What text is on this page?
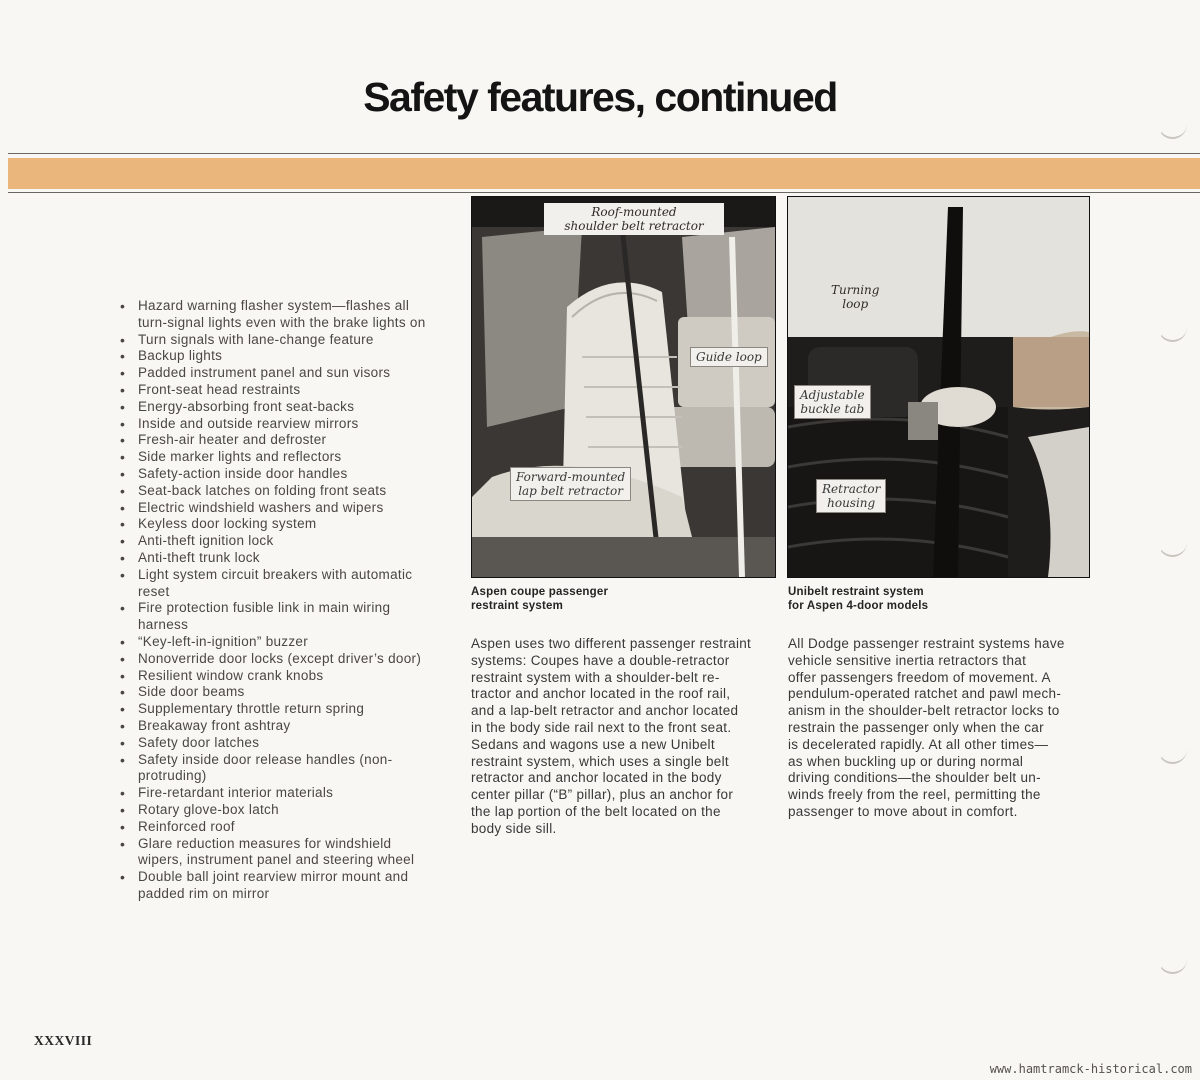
Safety features, continued
• Hazard warning flasher system—flashes all turn-signal lights even with the brake lights on
• Turn signals with lane-change feature
• Backup lights
• Padded instrument panel and sun visors
• Front-seat head restraints
• Energy-absorbing front seat-backs
• Inside and outside rearview mirrors
• Fresh-air heater and defroster
• Side marker lights and reflectors
• Safety-action inside door handles
• Seat-back latches on folding front seats
• Electric windshield washers and wipers
• Keyless door locking system
• Anti-theft ignition lock
• Anti-theft trunk lock
• Light system circuit breakers with automatic reset
• Fire protection fusible link in main wiring harness
• “Key-left-in-ignition” buzzer
• Nonoverride door locks (except driver’s door)
• Resilient window crank knobs
• Side door beams
• Supplementary throttle return spring
• Breakaway front ashtray
• Safety door latches
• Safety inside door release handles (non-protruding)
• Fire-retardant interior materials
• Rotary glove-box latch
• Reinforced roof
• Glare reduction measures for windshield wipers, instrument panel and steering wheel
• Double ball joint rearview mirror mount and padded rim on mirror
Roof-mounted
shoulder belt retractor
Guide loop
Forward-mounted
lap belt retractor
Turning
loop
Adjustable
buckle tab
Retractor
housing
Aspen coupe passenger
restraint system
Unibelt restraint system
for Aspen 4-door models
Aspen uses two different passenger restraint
systems: Coupes have a double-retractor
restraint system with a shoulder-belt re-
tractor and anchor located in the roof rail,
and a lap-belt retractor and anchor located
in the body side rail next to the front seat.
Sedans and wagons use a new Unibelt
restraint system, which uses a single belt
retractor and anchor located in the body
center pillar (“B” pillar), plus an anchor for
the lap portion of the belt located on the
body side sill.
All Dodge passenger restraint systems have
vehicle sensitive inertia retractors that
offer passengers freedom of movement. A
pendulum-operated ratchet and pawl mech-
anism in the shoulder-belt retractor locks to
restrain the passenger only when the car
is decelerated rapidly. At all other times—
as when buckling up or during normal
driving conditions—the shoulder belt un-
winds freely from the reel, permitting the
passenger to move about in comfort.
XXXVIII
www.hamtramck-historical.com
